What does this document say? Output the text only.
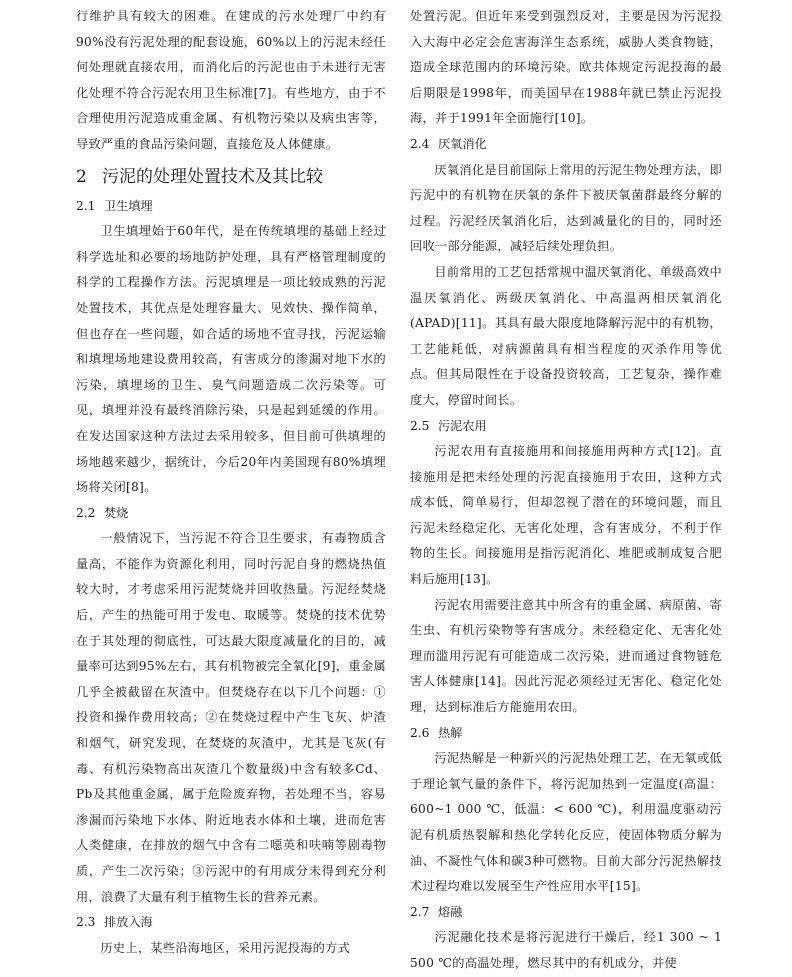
行维护具有较大的困难。在建成的污水处理厂中约有90%没有污泥处理的配套设施，60%以上的污泥未经任何处理就直接农用，而消化后的污泥也由于未进行无害化处理不符合污泥农用卫生标准[7]。有些地方，由于不合理使用污泥造成重金属、有机物污染以及病虫害等，导致严重的食品污染问题，直接危及人体健康。

2 污泥的处理处置技术及其比较
2.1 卫生填埋

卫生填埋始于60年代，是在传统填埋的基础上经过科学选址和必要的场地防护处理，具有严格管理制度的科学的工程操作方法。污泥填埋是一项比较成熟的污泥处置技术，其优点是处理容量大、见效快、操作简单，但也存在一些问题，如合适的场地不宜寻找，污泥运输和填埋场地建设费用较高，有害成分的渗漏对地下水的污染，填埋场的卫生、臭气问题造成二次污染等。可见，填埋并没有最终消除污染，只是起到延缓的作用。在发达国家这种方法过去采用较多，但目前可供填埋的场地越来越少，据统计，今后20年内美国现有80%填埋场将关闭[8]。

2.2 焚烧

一般情况下，当污泥不符合卫生要求，有毒物质含量高，不能作为资源化利用，同时污泥自身的燃烧热值较大时，才考虑采用污泥焚烧并回收热量。污泥经焚烧后，产生的热能可用于发电、取暖等。焚烧的技术优势在于其处理的彻底性，可达最大限度减量化的目的，减量率可达到95%左右，其有机物被完全氧化[9]，重金属几乎全被截留在灰渣中。但焚烧存在以下几个问题：①投资和操作费用较高；②在焚烧过程中产生飞灰、炉渣和烟气，研究发现，在焚烧的灰渣中，尤其是飞灰(有毒、有机污染物高出灰渣几个数量级)中含有较多Cd、Pb及其他重金属，属于危险废弃物，若处理不当，容易渗漏而污染地下水体、附近地表水体和土壤，进而危害人类健康，在排放的烟气中含有二噁英和呋喃等剧毒物质，产生二次污染；③污泥中的有用成分未得到充分利用，浪费了大量有利于植物生长的营养元素。

2.3 排放入海

历史上，某些沿海地区，采用污泥投海的方式

处置污泥。但近年来受到强烈反对，主要是因为污泥投入大海中必定会危害海洋生态系统，威胁人类食物链，造成全球范围内的环境污染。欧共体规定污泥投海的最后期限是1998年，而美国早在1988年就已禁止污泥投海，并于1991年全面施行[10]。

2.4 厌氧消化

厌氧消化是目前国际上常用的污泥生物处理方法，即污泥中的有机物在厌氧的条件下被厌氧菌群最终分解的过程。污泥经厌氧消化后，达到减量化的目的，同时还回收一部分能源，减轻后续处理负担。

目前常用的工艺包括常规中温厌氧消化、单级高效中温厌氧消化、两级厌氧消化、中高温两相厌氧消化(APAD)[11]。其具有最大限度地降解污泥中的有机物，工艺能耗低，对病源菌具有相当程度的灭杀作用等优点。但其局限性在于设备投资较高，工艺复杂，操作难度大，停留时间长。

2.5 污泥农用

污泥农用有直接施用和间接施用两种方式[12]。直接施用是把未经处理的污泥直接施用于农田，这种方式成本低，简单易行，但却忽视了潜在的环境问题，而且污泥未经稳定化、无害化处理，含有害成分，不利于作物的生长。间接施用是指污泥消化、堆肥或制成复合肥料后施用[13]。

污泥农用需要注意其中所含有的重金属、病原菌、寄生虫、有机污染物等有害成分。未经稳定化、无害化处理而滥用污泥有可能造成二次污染，进而通过食物链危害人体健康[14]。因此污泥必须经过无害化、稳定化处理，达到标准后方能施用农田。

2.6 热解

污泥热解是一种新兴的污泥热处理工艺，在无氧或低于理论氧气量的条件下，将污泥加热到一定温度(高温：600~1 000 ℃，低温：< 600 ℃)，利用温度驱动污泥有机质热裂解和热化学转化反应，使固体物质分解为油、不凝性气体和碳3种可燃物。目前大部分污泥热解技术过程均难以发展至生产性应用水平[15]。

2.7 熔融

污泥融化技术是将污泥进行干燥后，经1 300 ~ 1 500 ℃的高温处理，燃尽其中的有机成分，并使
